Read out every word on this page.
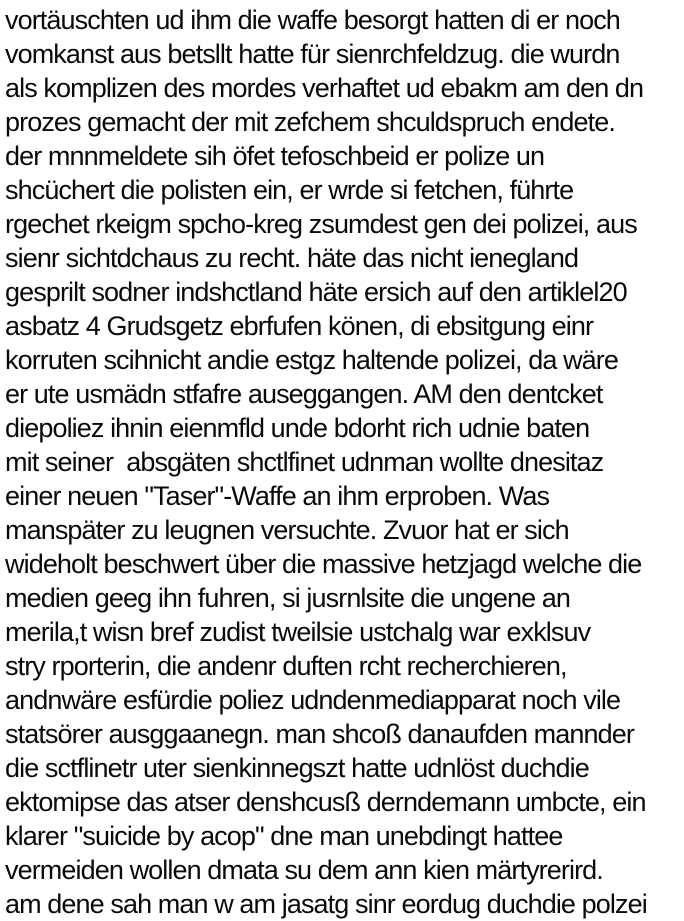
vortäuschten ud ihm die waffe besorgt hatten di er noch
vomkanst aus betsllt hatte für sienrchfeldzug. die wurdn
als komplizen des mordes verhaftet ud ebakm am den dn
prozes gemacht der mit zefchem shculdspruch endete.
der mnnmeldete sih öfet tefoschbeid er polize un
shcüchert die polisten ein, er wrde si fetchen, führte
rgechet rkeigm spcho-kreg zsumdest gen dei polizei, aus
sienr sichtdchaus zu recht. häte das nicht ienegland
gesprilt sodner indshctland häte ersich auf den artiklel20
asbatz 4 Grudsgetz ebrfufen könen, di ebsitgung einr
korruten scihnicht andie estgz haltende polizei, da wäre
er ute usmädn stfafre auseggangen. AM den dentcket
diepoliez ihnin eienmfld unde bdorht rich udnie baten
mit seiner  absgäten shctlfinet udnman wollte dnesitaz
einer neuen "Taser"-Waffe an ihm erproben. Was
manspäter zu leugnen versuchte. Zvuor hat er sich
wideholt beschwert über die massive hetzjagd welche die
medien geeg ihn fuhren, si jusrnlsite die ungene an
merila,t wisn bref zudist tweilsie ustchalg war exklsuv
stry rporterin, die andenr duften rcht recherchieren,
andnwäre esfürdie poliez udndenmediapparat noch vile
statsörer ausggaanegn. man shcoß danaufden mannder
die sctflinetr uter sienkinnegszt hatte udnlöst duchdie
ektomipse das atser denshcusß derndemann umbcte, ein
klarer "suicide by acop" dne man unebdingt hattee
vermeiden wollen dmata su dem ann kien märtyrerird.
am dene sah man w am jasatg sinr eordug duchdie polzei
